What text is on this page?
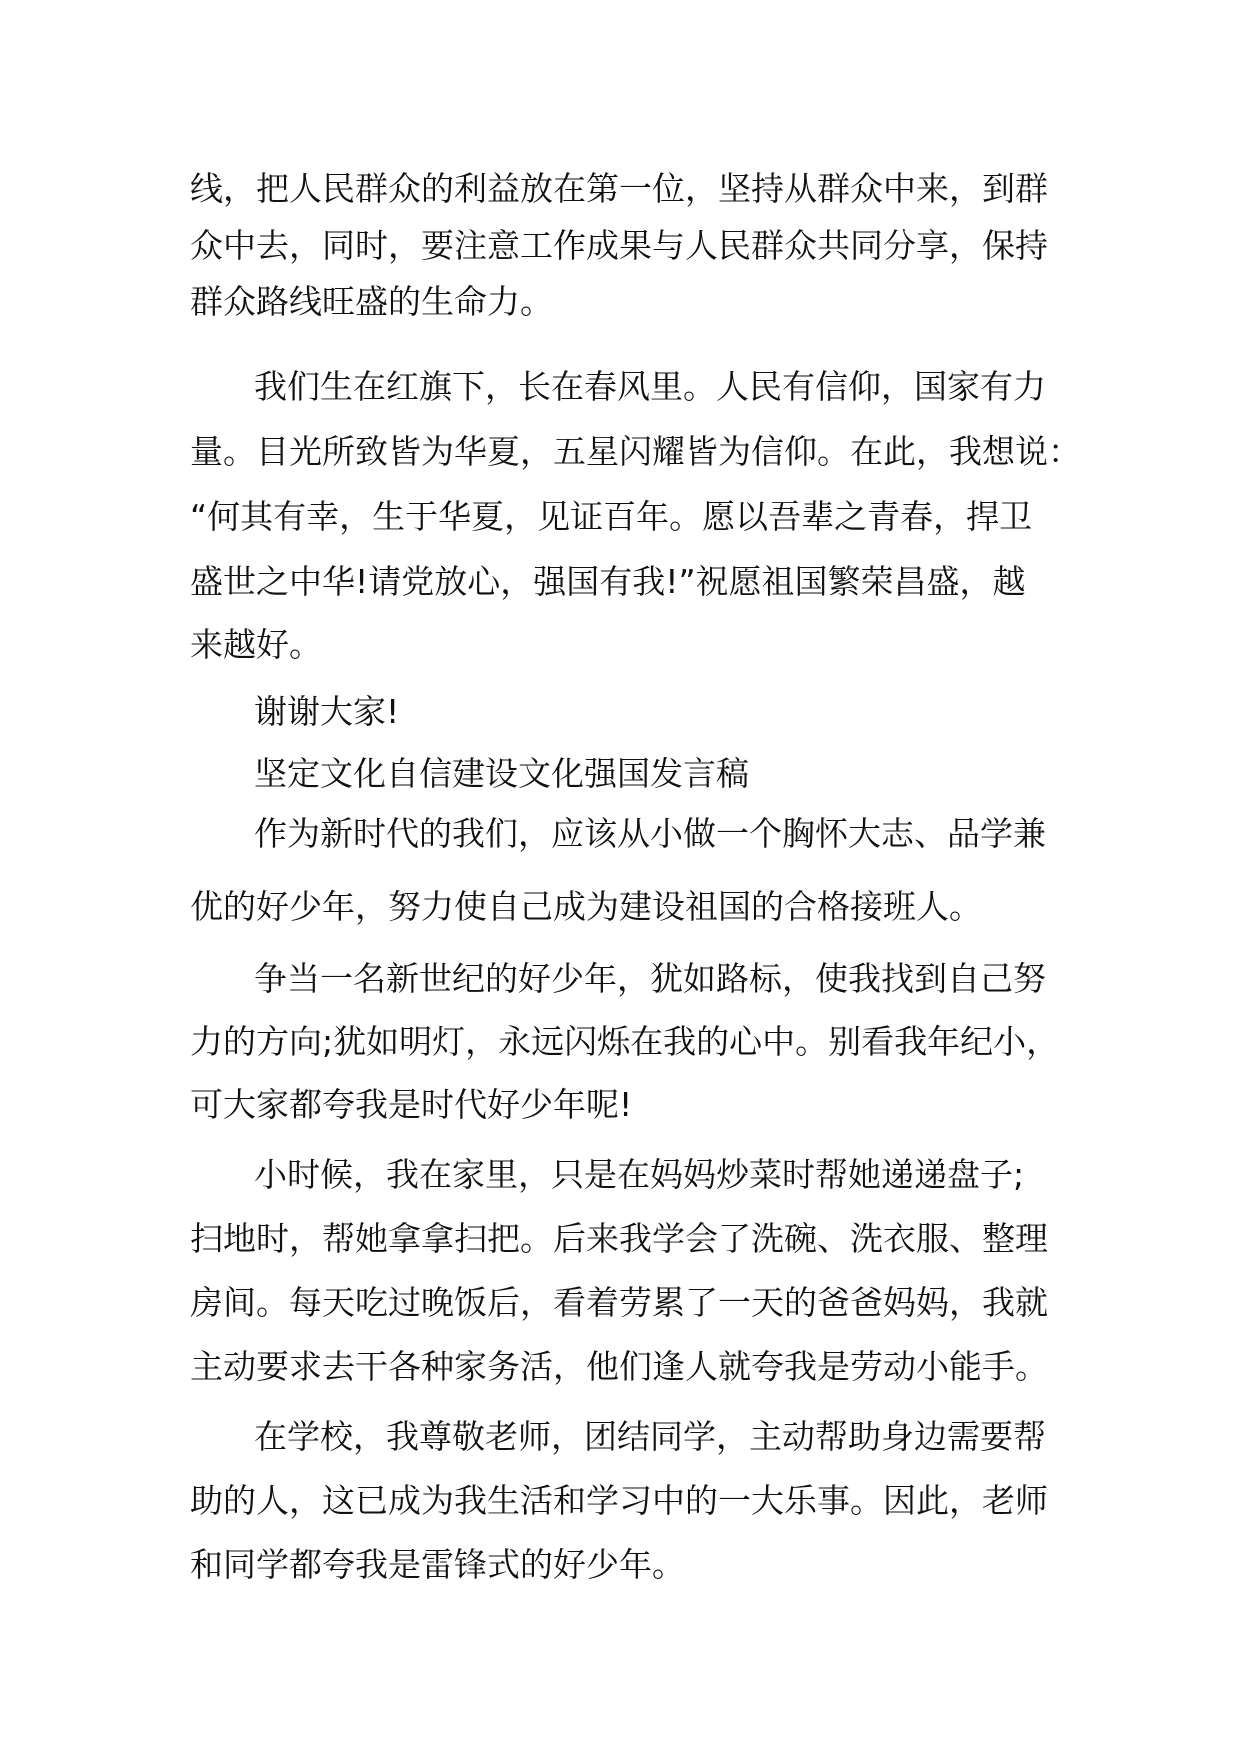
线，把人民群众的利益放在第一位，坚持从群众中来，到群
众中去，同时，要注意工作成果与人民群众共同分享，保持
群众路线旺盛的生命力。
我们生在红旗下，长在春风里。人民有信仰，国家有力
量。目光所致皆为华夏，五星闪耀皆为信仰。在此，我想说：
“何其有幸，生于华夏，见证百年。愿以吾辈之青春，捍卫
盛世之中华!请党放心，强国有我!”祝愿祖国繁荣昌盛，越
来越好。
谢谢大家!
坚定文化自信建设文化强国发言稿
作为新时代的我们，应该从小做一个胸怀大志、品学兼
优的好少年，努力使自己成为建设祖国的合格接班人。
争当一名新世纪的好少年，犹如路标，使我找到自己努
力的方向;犹如明灯，永远闪烁在我的心中。别看我年纪小，
可大家都夸我是时代好少年呢!
小时候，我在家里，只是在妈妈炒菜时帮她递递盘子;
扫地时，帮她拿拿扫把。后来我学会了洗碗、洗衣服、整理
房间。每天吃过晚饭后，看着劳累了一天的爸爸妈妈，我就
主动要求去干各种家务活，他们逢人就夸我是劳动小能手。
在学校，我尊敬老师，团结同学，主动帮助身边需要帮
助的人，这已成为我生活和学习中的一大乐事。因此，老师
和同学都夸我是雷锋式的好少年。
